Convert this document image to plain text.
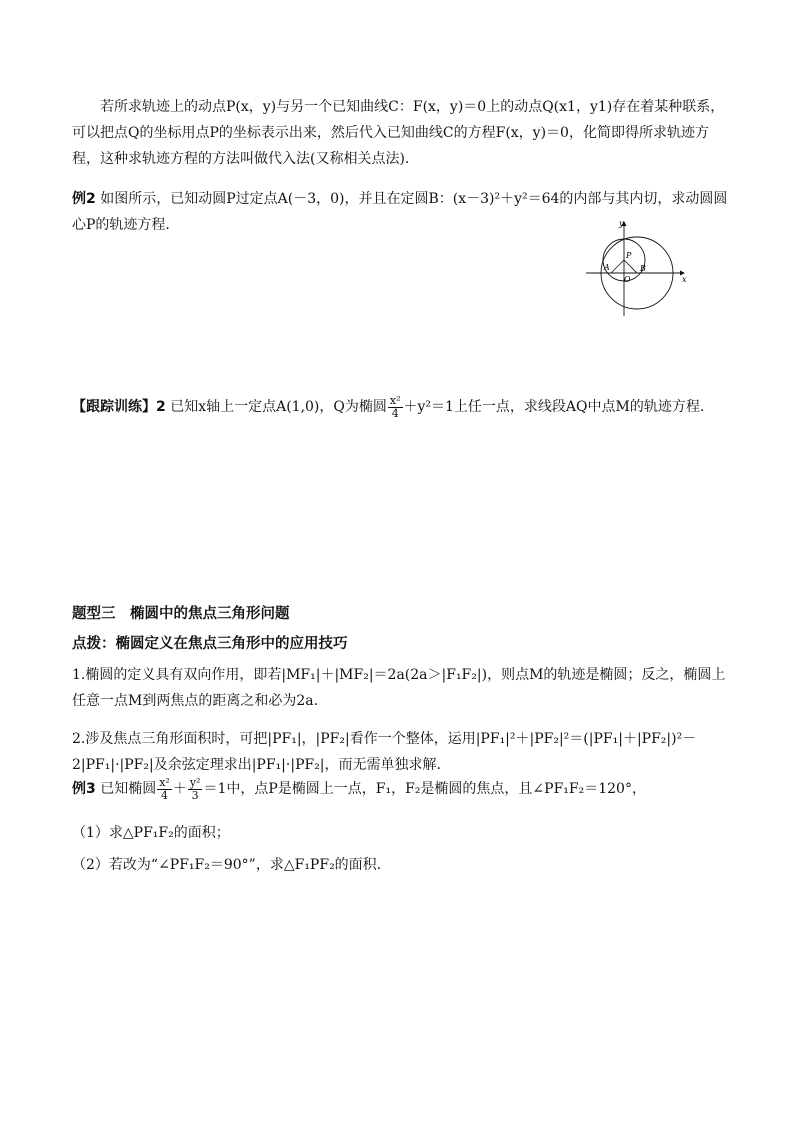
若所求轨迹上的动点P(x，y)与另一个已知曲线C：F(x，y)＝0上的动点Q(x1，y1)存在着某种联系，可以把点Q的坐标用点P的坐标表示出来，然后代入已知曲线C的方程F(x，y)＝0，化简即得所求轨迹方程，这种求轨迹方程的方法叫做代入法(又称相关点法).
例2 如图所示，已知动圆P过定点A(－3，0)，并且在定圆B：(x－3)²＋y²＝64的内部与其内切，求动圆圆心P的轨迹方程.	y
x
A
P
O
B
【跟踪训练】2 已知x轴上一定点A(1,0)，Q为椭圆 $\frac{\text{x²}}{4} +y^2=1$上任一点，求线段AQ中点M的轨迹方程.
题型三　椭圆中的焦点三角形问题
点拨：椭圆定义在焦点三角形中的应用技巧
1.椭圆的定义具有双向作用，即若|MF₁|＋|MF₂|＝2a(2a＞|F₁F₂|)，则点M的轨迹是椭圆；反之，椭圆上任意一点M到两焦点的距离之和必为2a.
2.涉及焦点三角形面积时，可把|PF₁|，|PF₂|看作一个整体，运用|PF₁|²＋|PF₂|²＝(|PF₁|＋|PF₂|)²－2|PF₁|·|PF₂|及余弦定理求出|PF₁|·|PF₂|，而无需单独求解.
例3 已知椭圆 $\frac{\text{x²}}{4} + \frac{\text{y²}}{3} =1$中，点P是椭圆上一点，F₁，F₂是椭圆的焦点，且∠PF₁F₂＝120°，
（1）求△PF₁F₂的面积；
（2）若改为“∠PF₁F₂＝90°”，求△F₁PF₂的面积.
